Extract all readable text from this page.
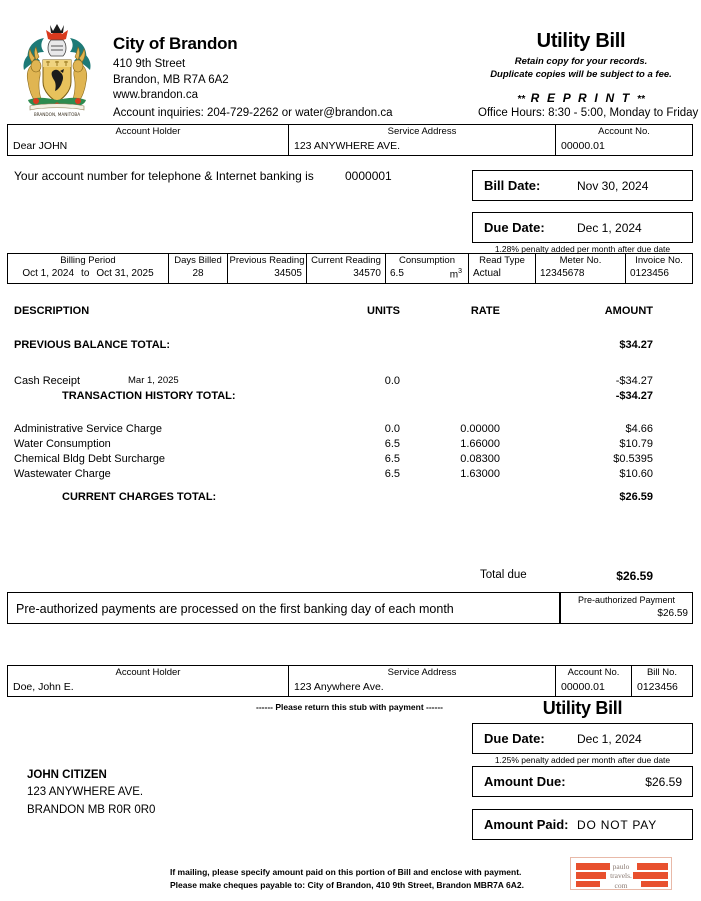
BRANDON, MANITOBA
City of Brandon
410 9th Street
Brandon, MB R7A 6A2
www.brandon.ca
Account inquiries: 204-729-2262 or water@brandon.ca	Office Hours: 8:30 - 5:00, Monday to Friday
Utility Bill
Retain copy for your records.
Duplicate copies will be subject to a fee.
** R E P R I N T **
Account Holder
Dear JOHN

Service Address
123 ANYWHERE AVE.

Account No.
00000.01
Your account number for telephone & Internet banking is	0000001
Bill Date:	Nov 30, 2024
Due Date:	Dec 1, 2024
1.28% penalty added per month after due date
Billing Period
Oct 1, 2024 to Oct 31, 2025

Days Billed
28

Previous Reading
34505

Current Reading
34570

Consumption
6.5	$m^3$

Read Type
Actual

Meter No.
12345678

Invoice No.
0123456
DESCRIPTION	UNITS	RATE	AMOUNT
PREVIOUS BALANCE TOTAL:	$34.27
Cash Receipt	Mar 1, 2025	0.0	-$34.27
TRANSACTION HISTORY TOTAL:	-$34.27
Administrative Service Charge	0.0	0.00000	$4.66
Water Consumption	6.5	1.66000	$10.79
Chemical Bldg Debt Surcharge	6.5	0.08300	$0.5395
Wastewater Charge	6.5	1.63000	$10.60
CURRENT CHARGES TOTAL:	$26.59
Total due	$26.59
Pre-authorized payments are processed on the first banking day of each month
Pre-authorized Payment
$26.59
Account Holder
Doe, John E.

Service Address
123 Anywhere Ave.

Account No.
00000.01

Bill No.
0123456
------ Please return this stub with payment ------	Utility Bill
Due Date:	Dec 1, 2024
1.25% penalty added per month after due date
Amount Due:	$26.59
Amount Paid: DO NOT PAY
JOHN CITIZEN
123 ANYWHERE AVE.
BRANDON MB R0R 0R0
If mailing, please specify amount paid on this portion of Bill and enclose with payment.
Please make cheques payable to: City of Brandon, 410 9th Street, Brandon MBR7A 6A2.
paulo
travels.
com
